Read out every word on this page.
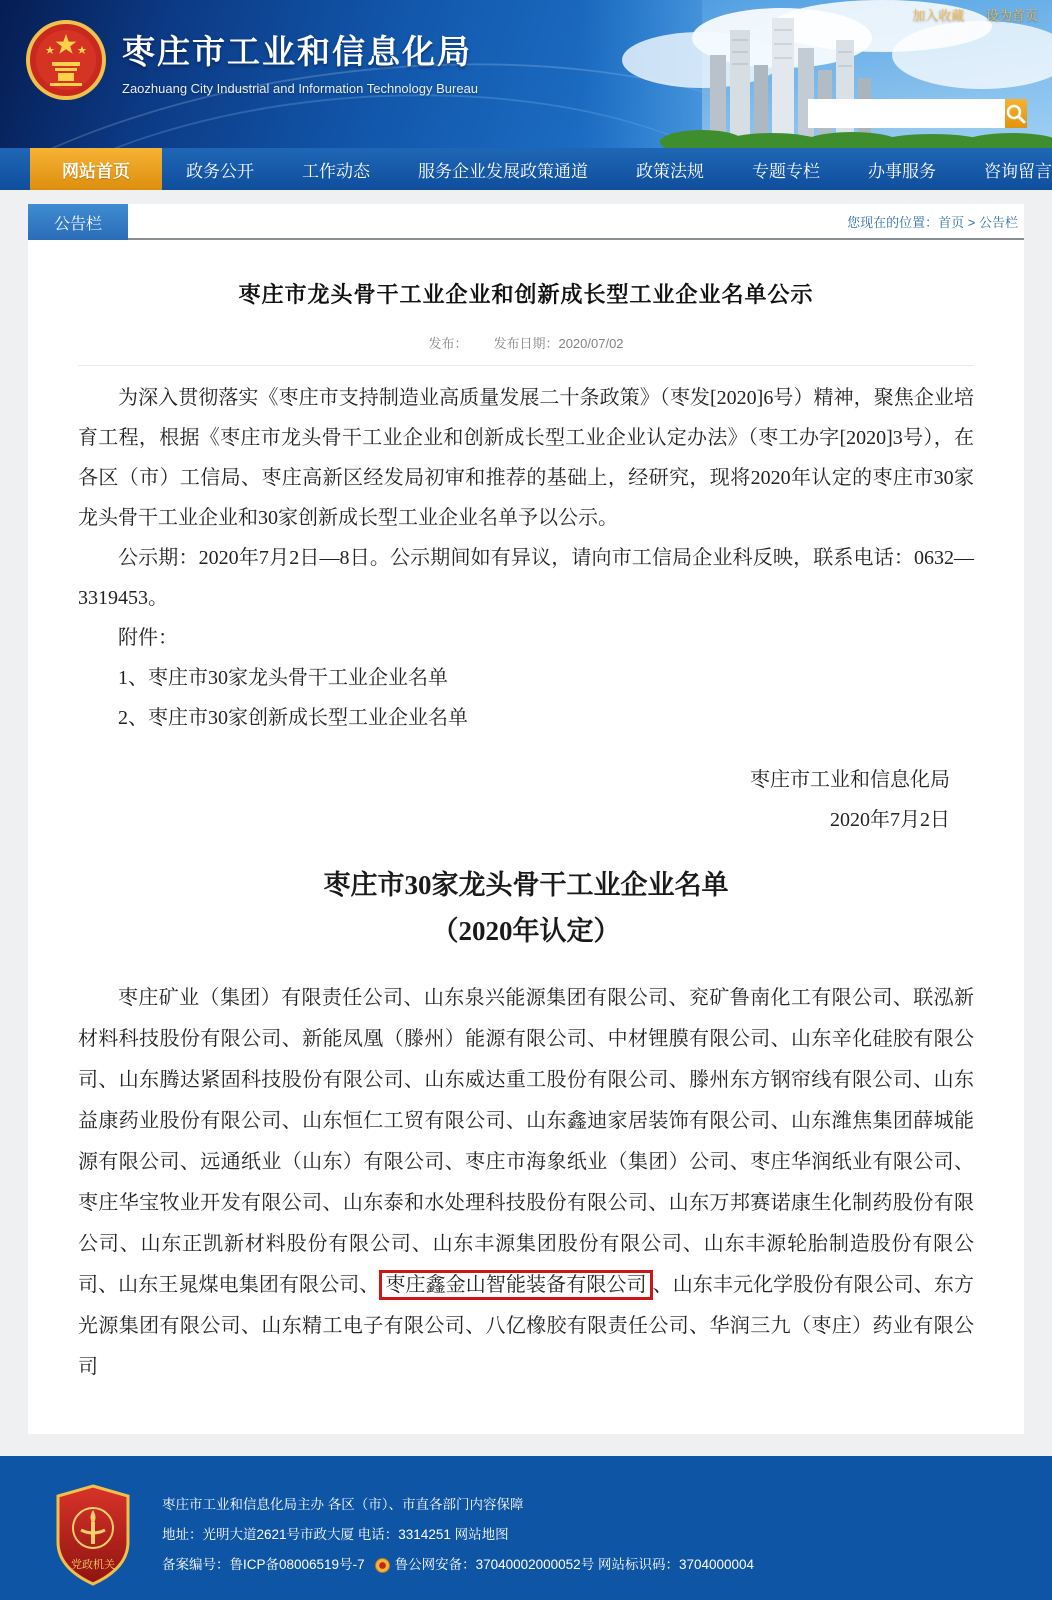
加入收藏 设为首页
枣庄市工业和信息化局
Zaozhuang City Industrial and Information Technology Bureau
网站首页	政务公开	工作动态	服务企业发展政策通道	政策法规	专题专栏	办事服务	咨询留言
公告栏	您现在的位置：首页 > 公告栏
枣庄市龙头骨干工业企业和创新成长型工业企业名单公示
发布： 发布日期：2020/07/02

为深入贯彻落实《枣庄市支持制造业高质量发展二十条政策》（枣发[2020]6号）精神，聚焦企业培育工程，根据《枣庄市龙头骨干工业企业和创新成长型工业企业认定办法》（枣工办字[2020]3号），在各区（市）工信局、枣庄高新区经发局初审和推荐的基础上，经研究，现将2020年认定的枣庄市30家龙头骨干工业企业和30家创新成长型工业企业名单予以公示。

公示期：2020年7月2日—8日。公示期间如有异议，请向市工信局企业科反映，联系电话：0632—3319453。

附件：

1、枣庄市30家龙头骨干工业企业名单

2、枣庄市30家创新成长型工业企业名单

枣庄市工业和信息化局
2020年7月2日
枣庄市30家龙头骨干工业企业名单
（2020年认定）
枣庄矿业（集团）有限责任公司、山东泉兴能源集团有限公司、兖矿鲁南化工有限公司、联泓新材料科技股份有限公司、新能凤凰（滕州）能源有限公司、中材锂膜有限公司、山东辛化硅胶有限公司、山东腾达紧固科技股份有限公司、山东威达重工股份有限公司、滕州东方钢帘线有限公司、山东益康药业股份有限公司、山东恒仁工贸有限公司、山东鑫迪家居装饰有限公司、山东潍焦集团薛城能源有限公司、远通纸业（山东）有限公司、枣庄市海象纸业（集团）公司、枣庄华润纸业有限公司、枣庄华宝牧业开发有限公司、山东泰和水处理科技股份有限公司、山东万邦赛诺康生化制药股份有限公司、山东正凯新材料股份有限公司、山东丰源集团股份有限公司、山东丰源轮胎制造股份有限公司、山东王晁煤电集团有限公司、 枣庄鑫金山智能装备有限公司 、山东丰元化学股份有限公司、东方光源集团有限公司、山东精工电子有限公司、八亿橡胶有限责任公司、华润三九（枣庄）药业有限公司
党政机关
枣庄市工业和信息化局主办 各区（市）、市直各部门内容保障
地址：光明大道2621号市政大厦 电话：3314251 网站地图
备案编号：鲁ICP备08006519号-7 鲁公网安备：37040002000052号 网站标识码：3704000004
